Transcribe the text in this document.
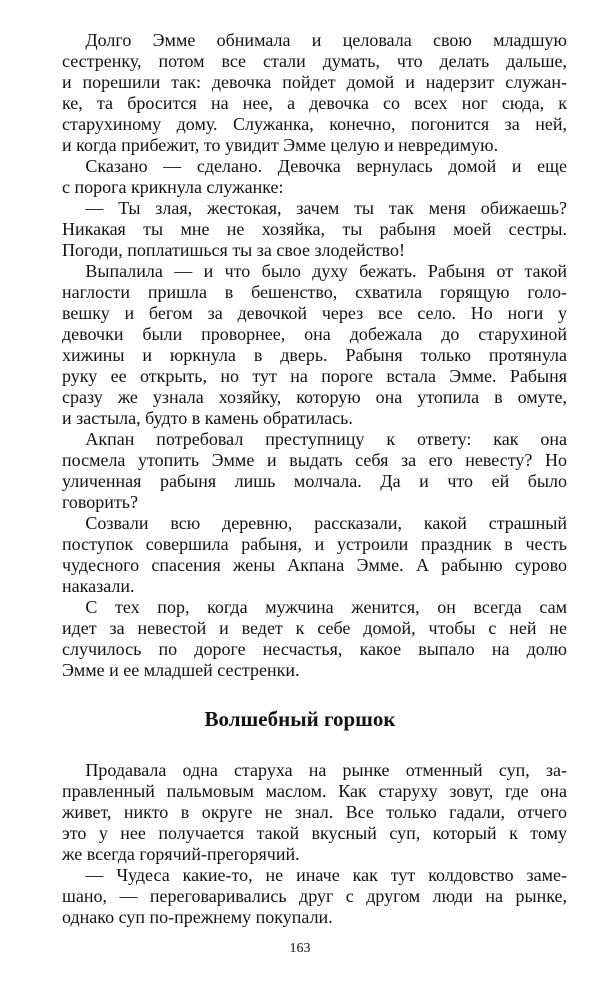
Долго Эмме обнимала и целовала свою младшую
сестренку, потом все стали думать, что делать дальше,
и порешили так: девочка пойдет домой и надерзит служан-
ке, та бросится на нее, а девочка со всех ног сюда, к
старухиному дому. Служанка, конечно, погонится за ней,
и когда прибежит, то увидит Эмме целую и невредимую.
Сказано — сделано. Девочка вернулась домой и еще
с порога крикнула служанке:
— Ты злая, жестокая, зачем ты так меня обижаешь?
Никакая ты мне не хозяйка, ты рабыня моей сестры.
Погоди, поплатишься ты за свое злодейство!
Выпалила — и что было духу бежать. Рабыня от такой
наглости пришла в бешенство, схватила горящую голо-
вешку и бегом за девочкой через все село. Но ноги у
девочки были проворнее, она добежала до старухиной
хижины и юркнула в дверь. Рабыня только протянула
руку ее открыть, но тут на пороге встала Эмме. Рабыня
сразу же узнала хозяйку, которую она утопила в омуте,
и застыла, будто в камень обратилась.
Акпан потребовал преступницу к ответу: как она
посмела утопить Эмме и выдать себя за его невесту? Но
уличенная рабыня лишь молчала. Да и что ей было
говорить?
Созвали всю деревню, рассказали, какой страшный
поступок совершила рабыня, и устроили праздник в честь
чудесного спасения жены Акпана Эмме. А рабыню сурово
наказали.
С тех пор, когда мужчина женится, он всегда сам
идет за невестой и ведет к себе домой, чтобы с ней не
случилось по дороге несчастья, какое выпало на долю
Эмме и ее младшей сестренки.
Волшебный горшок
Продавала одна старуха на рынке отменный суп, за-
правленный пальмовым маслом. Как старуху зовут, где она
живет, никто в округе не знал. Все только гадали, отчего
это у нее получается такой вкусный суп, который к тому
же всегда горячий-прегорячий.
— Чудеса какие-то, не иначе как тут колдовство заме-
шано, — переговаривались друг с другом люди на рынке,
однако суп по-прежнему покупали.
163
